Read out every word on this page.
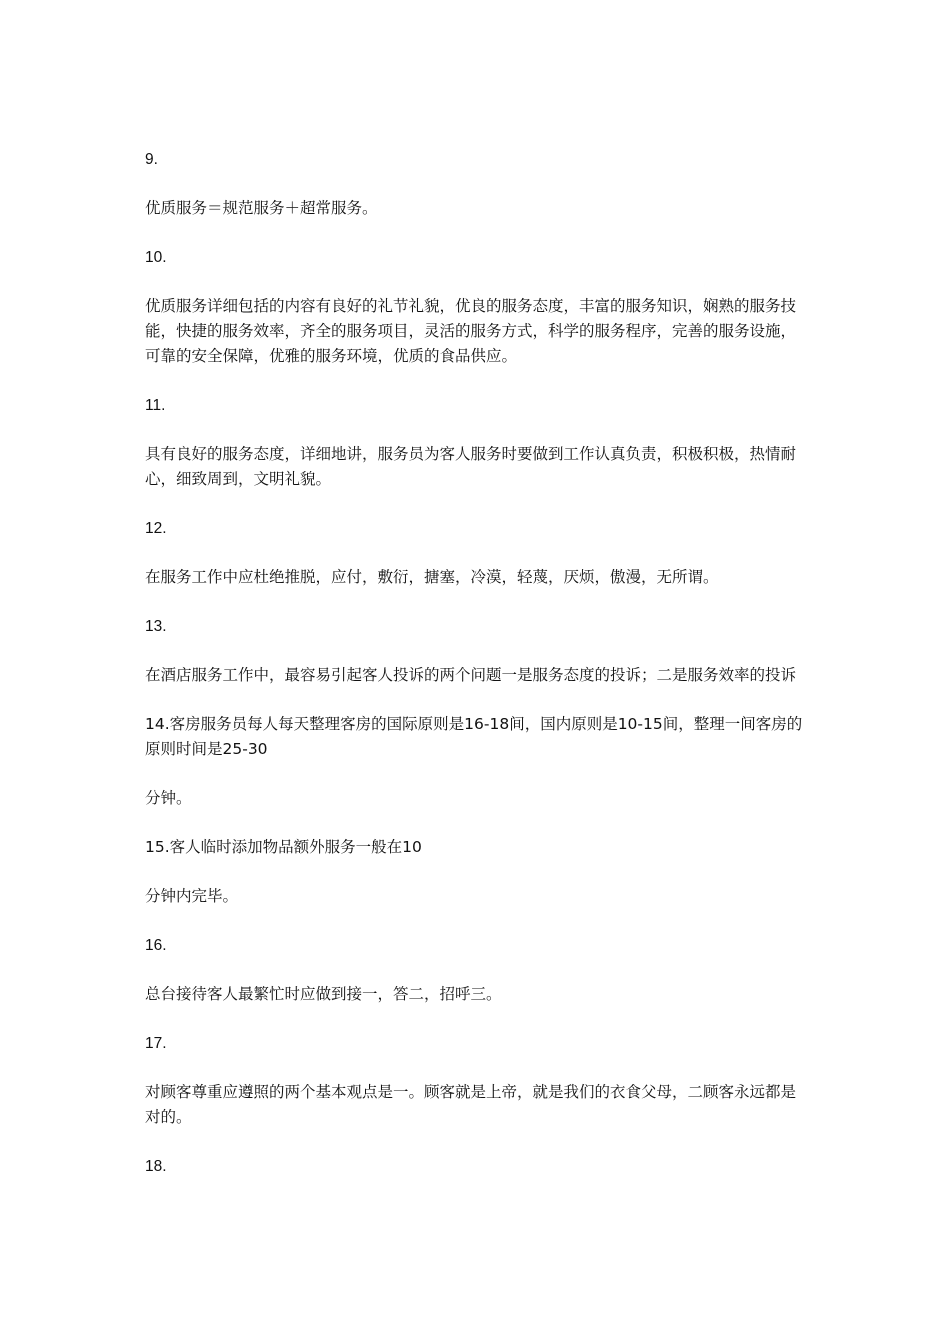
9.

优质服务＝规范服务＋超常服务。

10.

优质服务详细包括的内容有良好的礼节礼貌，优良的服务态度，丰富的服务知识，娴熟的服务技能，快捷的服务效率，齐全的服务项目，灵活的服务方式，科学的服务程序，完善的服务设施，可靠的安全保障，优雅的服务环境，优质的食品供应。

11.

具有良好的服务态度，详细地讲，服务员为客人服务时要做到工作认真负责，积极积极，热情耐心，细致周到，文明礼貌。

12.

在服务工作中应杜绝推脱，应付，敷衍，搪塞，冷漠，轻蔑，厌烦，傲漫，无所谓。

13.

在酒店服务工作中，最容易引起客人投诉的两个问题一是服务态度的投诉；二是服务效率的投诉

14.客房服务员每人每天整理客房的国际原则是16-18间，国内原则是10-15间，整理一间客房的原则时间是25-30

分钟。

15.客人临时添加物品额外服务一般在10

分钟内完毕。

16.

总台接待客人最繁忙时应做到接一，答二，招呼三。

17.

对顾客尊重应遵照的两个基本观点是一。顾客就是上帝，就是我们的衣食父母，二顾客永远都是对的。

18.
